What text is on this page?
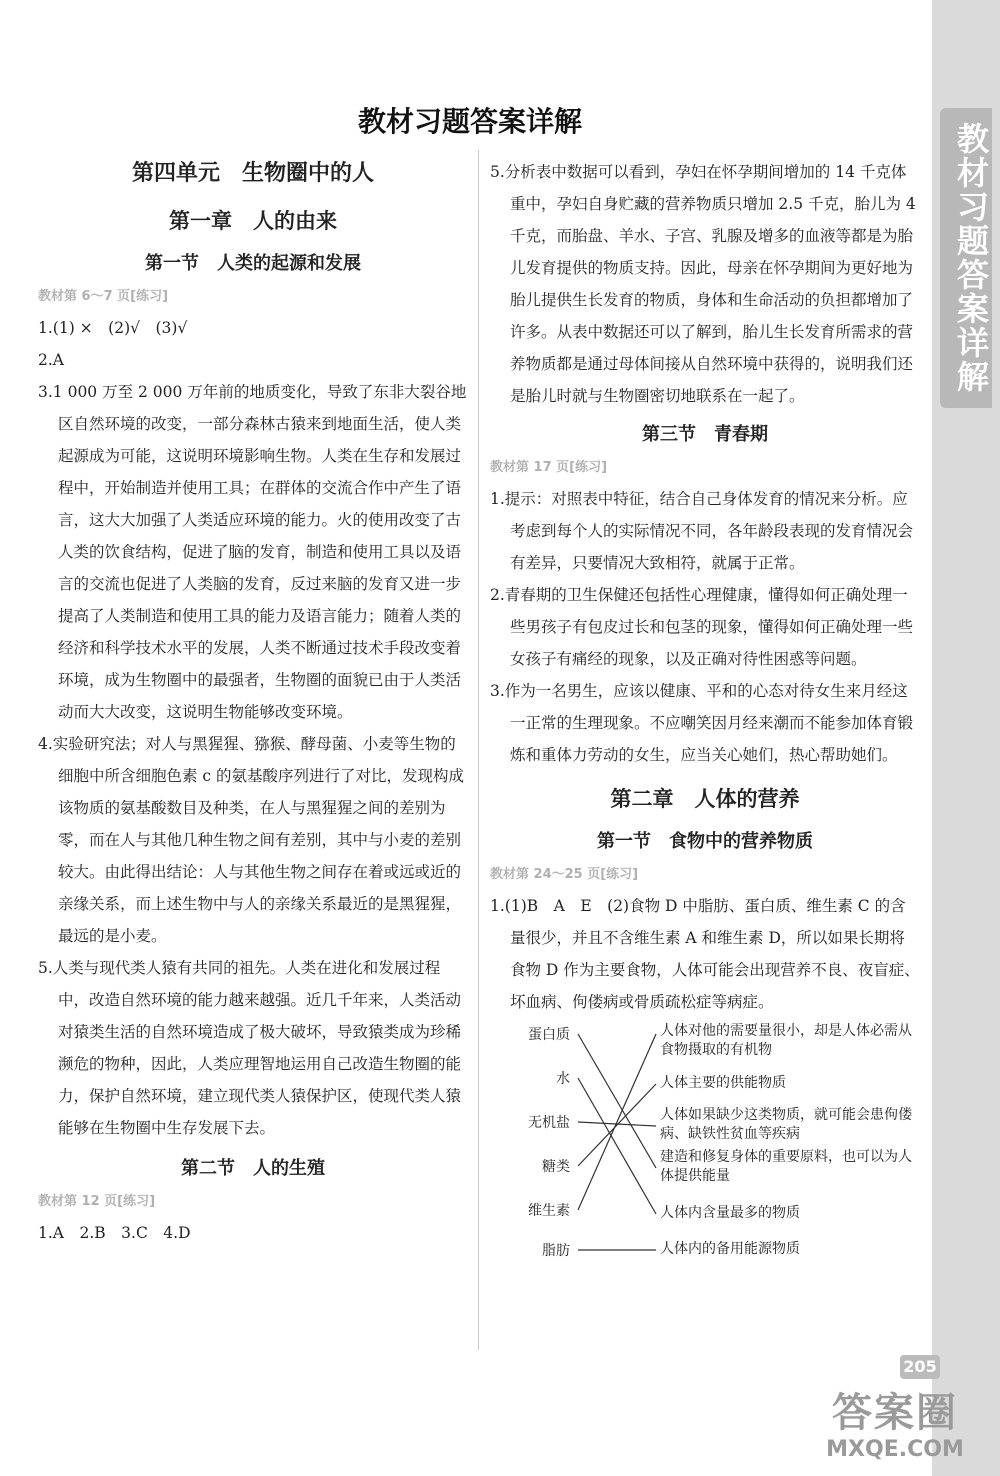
教材习题答案详解
教材习题答案详解
第四单元　生物圈中的人
第一章　人的由来
第一节　人类的起源和发展
教材第 6～7 页[练习]

1.(1) ×　(2)√　(3)√

2.A

3.1 000 万至 2 000 万年前的地质变化，导致了东非大裂谷地区自然环境的改变，一部分森林古猿来到地面生活，使人类起源成为可能，这说明环境影响生物。人类在生存和发展过程中，开始制造并使用工具；在群体的交流合作中产生了语言，这大大加强了人类适应环境的能力。火的使用改变了古人类的饮食结构，促进了脑的发育，制造和使用工具以及语言的交流也促进了人类脑的发育，反过来脑的发育又进一步提高了人类制造和使用工具的能力及语言能力；随着人类的经济和科学技术水平的发展，人类不断通过技术手段改变着环境，成为生物圈中的最强者，生物圈的面貌已由于人类活动而大大改变，这说明生物能够改变环境。

4.实验研究法；对人与黑猩猩、猕猴、酵母菌、小麦等生物的细胞中所含细胞色素 c 的氨基酸序列进行了对比，发现构成该物质的氨基酸数目及种类，在人与黑猩猩之间的差别为零，而在人与其他几种生物之间有差别，其中与小麦的差别较大。由此得出结论：人与其他生物之间存在着或远或近的亲缘关系，而上述生物中与人的亲缘关系最近的是黑猩猩，最远的是小麦。

5.人类与现代类人猿有共同的祖先。人类在进化和发展过程中，改造自然环境的能力越来越强。近几千年来，人类活动对猿类生活的自然环境造成了极大破坏，导致猿类成为珍稀濒危的物种，因此，人类应理智地运用自己改造生物圈的能力，保护自然环境，建立现代类人猿保护区，使现代类人猿能够在生物圈中生存发展下去。

第二节　人的生殖
教材第 12 页[练习]

1.A　2.B　3.C　4.D

5.分析表中数据可以看到，孕妇在怀孕期间增加的 14 千克体重中，孕妇自身贮藏的营养物质只增加 2.5 千克，胎儿为 4 千克，而胎盘、羊水、子宫、乳腺及增多的血液等都是为胎儿发育提供的物质支持。因此，母亲在怀孕期间为更好地为胎儿提供生长发育的物质，身体和生命活动的负担都增加了许多。从表中数据还可以了解到，胎儿生长发育所需求的营养物质都是通过母体间接从自然环境中获得的，说明我们还是胎儿时就与生物圈密切地联系在一起了。

第三节　青春期
教材第 17 页[练习]

1.提示：对照表中特征，结合自己身体发育的情况来分析。应考虑到每个人的实际情况不同，各年龄段表现的发育情况会有差异，只要情况大致相符，就属于正常。

2.青春期的卫生保健还包括性心理健康，懂得如何正确处理一些男孩子有包皮过长和包茎的现象，懂得如何正确处理一些女孩子有痛经的现象，以及正确对待性困惑等问题。

3.作为一名男生，应该以健康、平和的心态对待女生来月经这一正常的生理现象。不应嘲笑因月经来潮而不能参加体育锻炼和重体力劳动的女生，应当关心她们，热心帮助她们。

第二章　人体的营养
第一节　食物中的营养物质
教材第 24～25 页[练习]

1.(1)B　A　E　(2)食物 D 中脂肪、蛋白质、维生素 C 的含量很少，并且不含维生素 A 和维生素 D，所以如果长期将食物 D 作为主要食物，人体可能会出现营养不良、夜盲症、坏血病、佝偻病或骨质疏松症等病症。

蛋白质
水
无机盐
糖类
维生素
脂肪
人体对他的需要量很小，却是人体必需从食物摄取的有机物
人体主要的供能物质
人体如果缺少这类物质，就可能会患佝偻病、缺铁性贫血等疾病
建造和修复身体的重要原料，也可以为人体提供能量
人体内含量最多的物质
人体内的备用能源物质
205
答案圈
MXQE.COM
